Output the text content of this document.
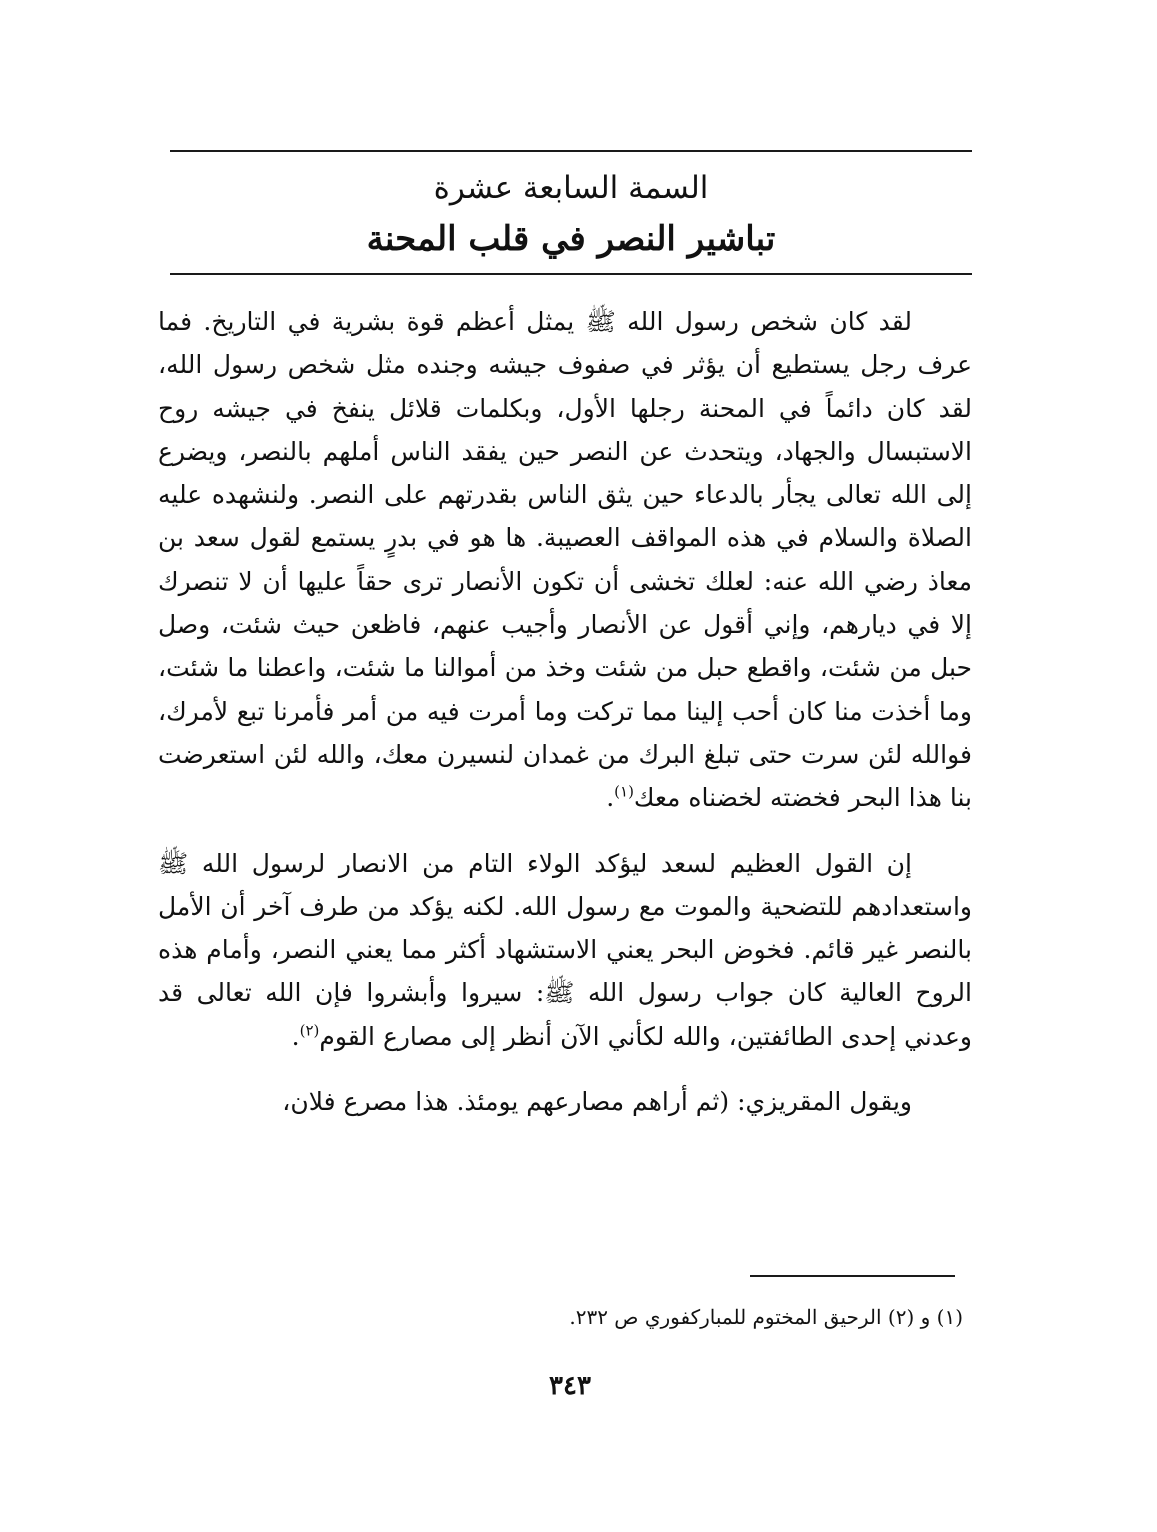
السمة السابعة عشرة
تباشير النصر في قلب المحنة

لقد كان شخص رسول الله ﷺ يمثل أعظم قوة بشرية في التاريخ. فما عرف رجل يستطيع أن يؤثر في صفوف جيشه وجنده مثل شخص رسول الله، لقد كان دائماً في المحنة رجلها الأول، وبكلمات قلائل ينفخ في جيشه روح الاستبسال والجهاد، ويتحدث عن النصر حين يفقد الناس أملهم بالنصر، ويضرع إلى الله تعالى يجأر بالدعاء حين يثق الناس بقدرتهم على النصر. ولنشهده عليه الصلاة والسلام في هذه المواقف العصيبة. ها هو في بدرٍ يستمع لقول سعد بن معاذ رضي الله عنه: لعلك تخشى أن تكون الأنصار ترى حقاً عليها أن لا تنصرك إلا في ديارهم، وإني أقول عن الأنصار وأجيب عنهم، فاظعن حيث شئت، وصل حبل من شئت، واقطع حبل من شئت وخذ من أموالنا ما شئت، واعطنا ما شئت، وما أخذت منا كان أحب إلينا مما تركت وما أمرت فيه من أمر فأمرنا تبع لأمرك، فوالله لئن سرت حتى تبلغ البرك من غمدان لنسيرن معك، والله لئن استعرضت بنا هذا البحر فخضته لخضناه معك$^{(١)}$.

إن القول العظيم لسعد ليؤكد الولاء التام من الانصار لرسول الله ﷺ واستعدادهم للتضحية والموت مع رسول الله. لكنه يؤكد من طرف آخر أن الأمل بالنصر غير قائم. فخوض البحر يعني الاستشهاد أكثر مما يعني النصر، وأمام هذه الروح العالية كان جواب رسول الله ﷺ: سيروا وأبشروا فإن الله تعالى قد وعدني إحدى الطائفتين، والله لكأني الآن أنظر إلى مصارع القوم$^{(٢)}$.

ويقول المقريزي: (ثم أراهم مصارعهم يومئذ. هذا مصرع فلان،

(١) و (٢) الرحيق المختوم للمباركفوري ص ٢٣٢.
٣٤٣
